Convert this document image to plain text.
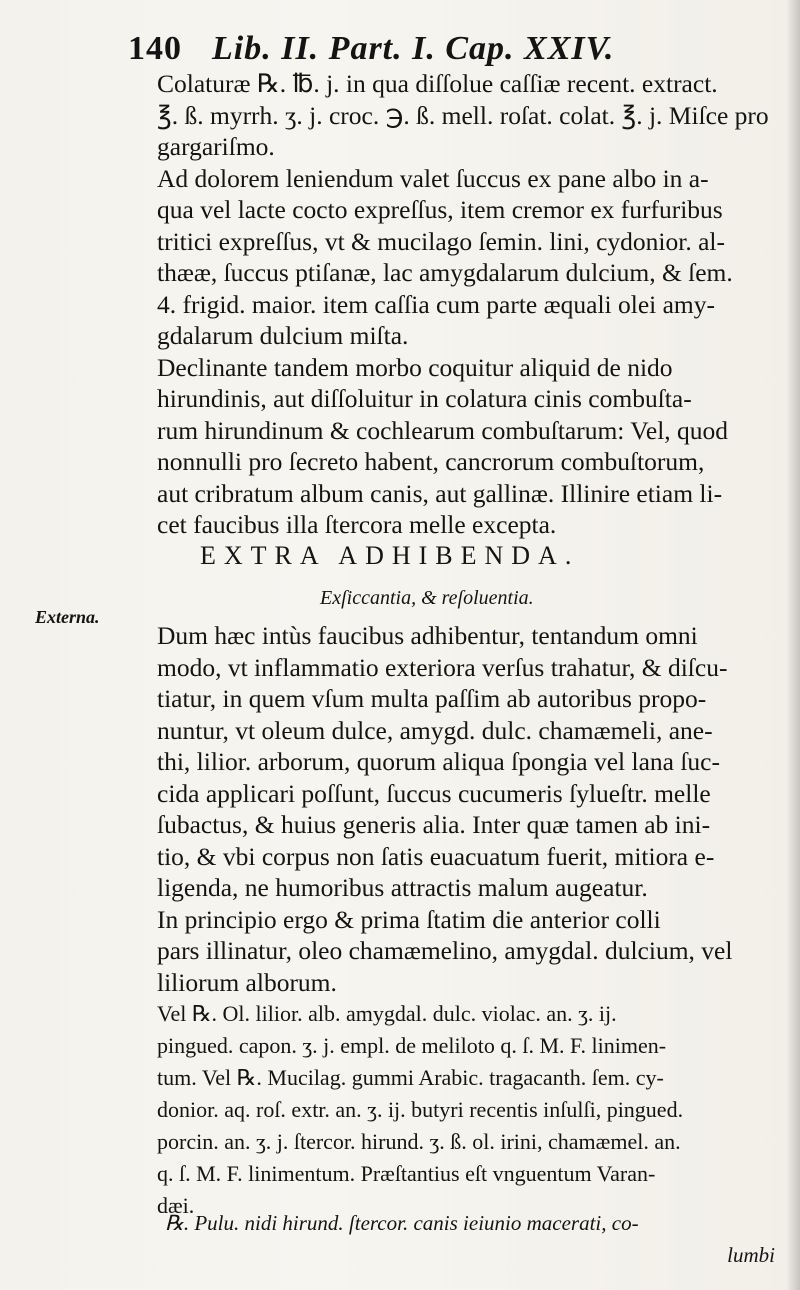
140 Lib. II. Part. I. Cap. XXIV.
Colaturæ ℞. ℔. j. in qua diſſolue caſſiæ recent. extract.
℥. ß. myrrh. ʒ. j. croc. ℈. ß. mell. roſat. colat. ℥. j. Miſce pro
gargariſmo.
Ad dolorem leniendum valet ſuccus ex pane albo in a-
qua vel lacte cocto expreſſus, item cremor ex furfuribus
tritici expreſſus, vt & mucilago ſemin. lini, cydonior. al-
thææ, ſuccus ptiſanæ, lac amygdalarum dulcium, & ſem.
4. frigid. maior. item caſſia cum parte æquali olei amy-
gdalarum dulcium miſta.
Declinante tandem morbo coquitur aliquid de nido
hirundinis, aut diſſoluitur in colatura cinis combuſta-
rum hirundinum & cochlearum combuſtarum: Vel, quod
nonnulli pro ſecreto habent, cancrorum combuſtorum,
aut cribratum album canis, aut gallinæ. Illinire etiam li-
cet faucibus illa ſtercora melle excepta.
EXTRA ADHIBENDA.
Exſiccantia, & reſoluentia.
Externa.
Dum hæc intùs faucibus adhibentur, tentandum omni
modo, vt inflammatio exteriora verſus trahatur, & diſcu-
tiatur, in quem vſum multa paſſim ab autoribus propo-
nuntur, vt oleum dulce, amygd. dulc. chamæmeli, ane-
thi, lilior. arborum, quorum aliqua ſpongia vel lana ſuc-
cida applicari poſſunt, ſuccus cucumeris ſylueſtr. melle
ſubactus, & huius generis alia. Inter quæ tamen ab ini-
tio, & vbi corpus non ſatis euacuatum fuerit, mitiora e-
ligenda, ne humoribus attractis malum augeatur.
In principio ergo & prima ſtatim die anterior colli
pars illinatur, oleo chamæmelino, amygdal. dulcium, vel
liliorum alborum.
Vel ℞. Ol. lilior. alb. amygdal. dulc. violac. an. ʒ. ij.
pingued. capon. ʒ. j. empl. de meliloto q. ſ. M. F. linimen-
tum. Vel ℞. Mucilag. gummi Arabic. tragacanth. ſem. cy-
donior. aq. roſ. extr. an. ʒ. ij. butyri recentis inſulſi, pingued.
porcin. an. ʒ. j. ſtercor. hirund. ʒ. ß. ol. irini, chamæmel. an.
q. ſ. M. F. linimentum. Præſtantius eſt vnguentum Varan-
dæi.
℞. Pulu. nidi hirund. ſtercor. canis ieiunio macerati, co-
lumbi
